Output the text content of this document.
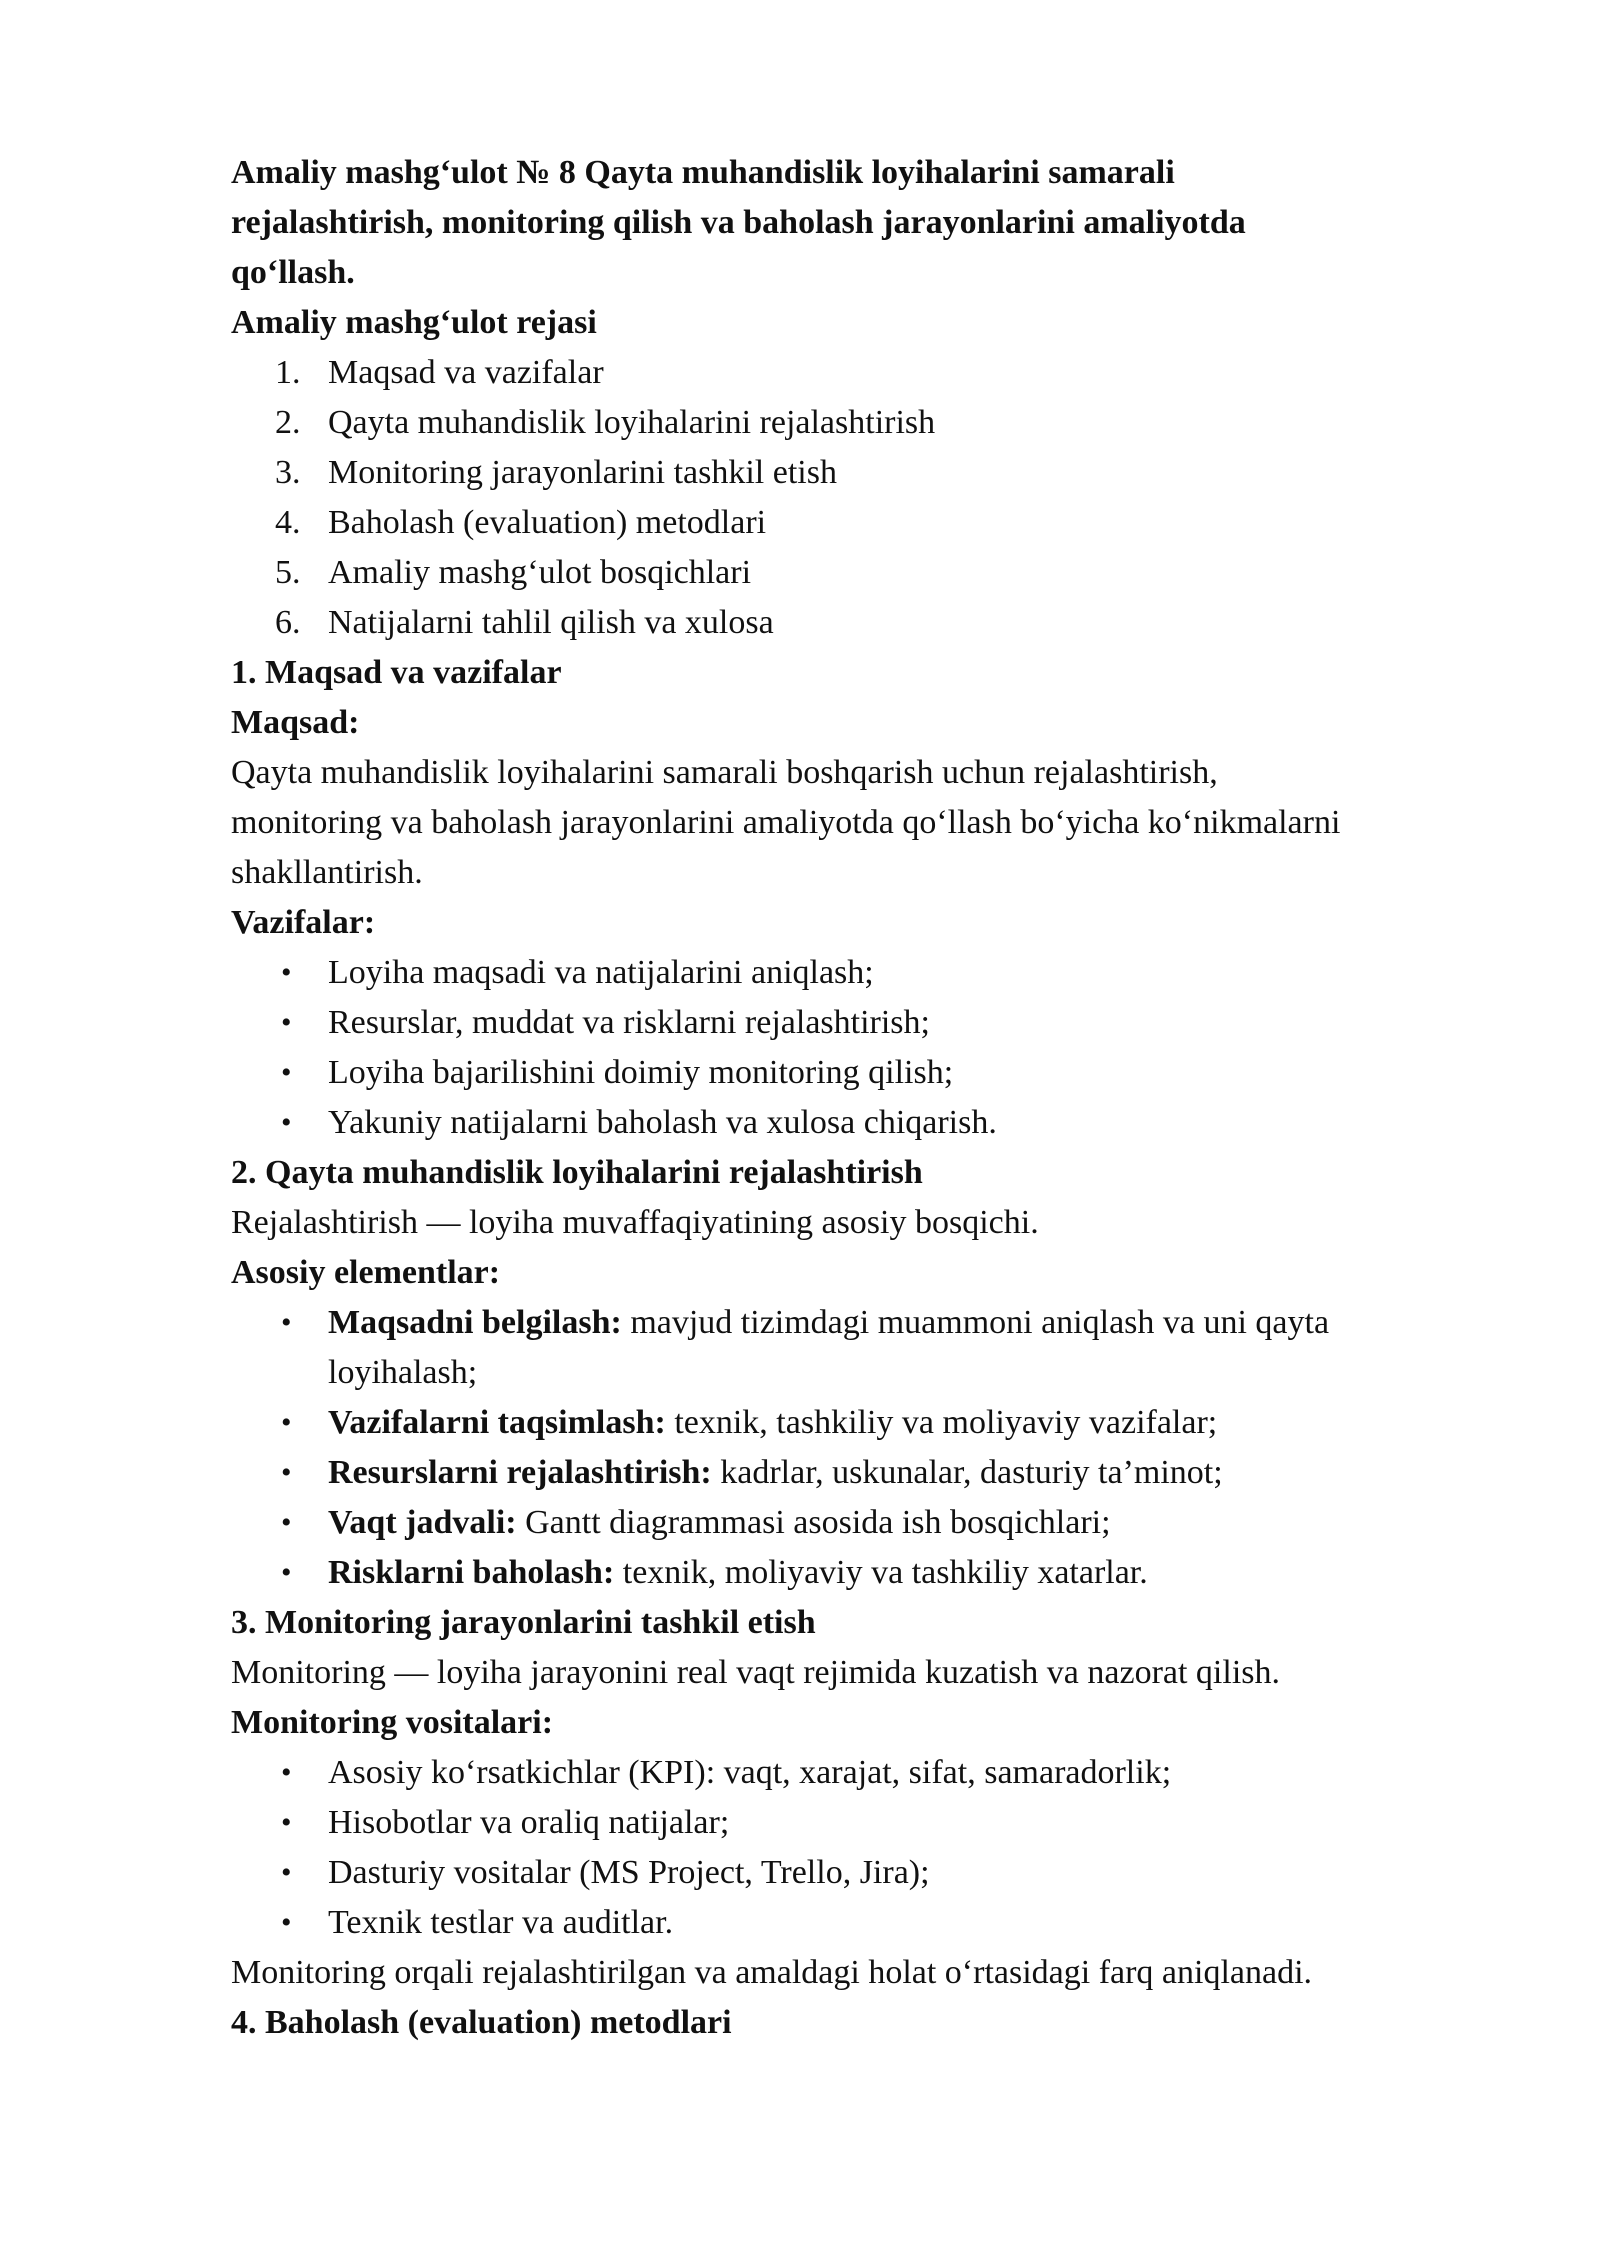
Amaliy mashg‘ulot № 8 Qayta muhandislik loyihalarini samarali

rejalashtirish, monitoring qilish va baholash jarayonlarini amaliyotda

qo‘llash.

Amaliy mashg‘ulot rejasi

1. Maqsad va vazifalar
2. Qayta muhandislik loyihalarini rejalashtirish
3. Monitoring jarayonlarini tashkil etish
4. Baholash (evaluation) metodlari
5. Amaliy mashg‘ulot bosqichlari
6. Natijalarni tahlil qilish va xulosa

1. Maqsad va vazifalar

Maqsad:

Qayta muhandislik loyihalarini samarali boshqarish uchun rejalashtirish,

monitoring va baholash jarayonlarini amaliyotda qo‘llash bo‘yicha ko‘nikmalarni

shakllantirish.

Vazifalar:

• Loyiha maqsadi va natijalarini aniqlash;
• Resurslar, muddat va risklarni rejalashtirish;
• Loyiha bajarilishini doimiy monitoring qilish;
• Yakuniy natijalarni baholash va xulosa chiqarish.

2. Qayta muhandislik loyihalarini rejalashtirish

Rejalashtirish — loyiha muvaffaqiyatining asosiy bosqichi.

Asosiy elementlar:

• Maqsadni belgilash: mavjud tizimdagi muammoni aniqlash va uni qayta
loyihalash;
• Vazifalarni taqsimlash: texnik, tashkiliy va moliyaviy vazifalar;
• Resurslarni rejalashtirish: kadrlar, uskunalar, dasturiy ta’minot;
• Vaqt jadvali: Gantt diagrammasi asosida ish bosqichlari;
• Risklarni baholash: texnik, moliyaviy va tashkiliy xatarlar.

3. Monitoring jarayonlarini tashkil etish

Monitoring — loyiha jarayonini real vaqt rejimida kuzatish va nazorat qilish.

Monitoring vositalari:

• Asosiy ko‘rsatkichlar (KPI): vaqt, xarajat, sifat, samaradorlik;
• Hisobotlar va oraliq natijalar;
• Dasturiy vositalar (MS Project, Trello, Jira);
• Texnik testlar va auditlar.

Monitoring orqali rejalashtirilgan va amaldagi holat o‘rtasidagi farq aniqlanadi.

4. Baholash (evaluation) metodlari
